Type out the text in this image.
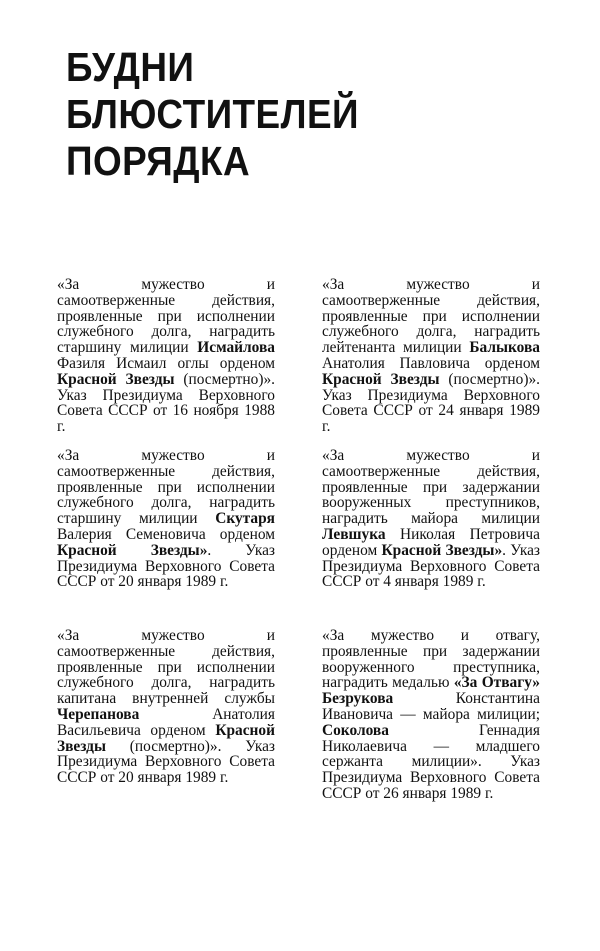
БУДНИ
БЛЮСТИТЕЛЕЙ
ПОРЯДКА

«За мужество и самоотверженные действия, проявленные при исполнении служебного долга, наградить старшину милиции Исмайлова Фазиля Исмаил оглы орденом Красной Звезды (посмертно)». Указ Президиума Верховного Совета СССР от 16 ноября 1988 г.

«За мужество и самоотверженные действия, проявленные при исполнении служебного долга, наградить старшину милиции Скутаря Валерия Семеновича орденом Красной Звезды». Указ Президиума Верховного Совета СССР от 20 января 1989 г.

«За мужество и самоотверженные действия, проявленные при исполнении служебного долга, наградить капитана внутренней службы Черепанова Анатолия Васильевича орденом Красной Звезды (посмертно)». Указ Президиума Верховного Совета СССР от 20 января 1989 г.

«За мужество и самоотверженные действия, проявленные при исполнении служебного долга, наградить лейтенанта милиции Балыкова Анатолия Павловича орденом Красной Звезды (посмертно)». Указ Президиума Верховного Совета СССР от 24 января 1989 г.

«За мужество и самоотверженные действия, проявленные при задержании вооруженных преступников, наградить майора милиции Левшука Николая Петровича орденом Красной Звезды». Указ Президиума Верховного Совета СССР от 4 января 1989 г.

«За мужество и отвагу, проявленные при задержании вооруженного преступника, наградить медалью «За Отвагу» Безрукова Константина Ивановича — майора милиции; Соколова Геннадия Николаевича — младшего сержанта милиции». Указ Президиума Верховного Совета СССР от 26 января 1989 г.
